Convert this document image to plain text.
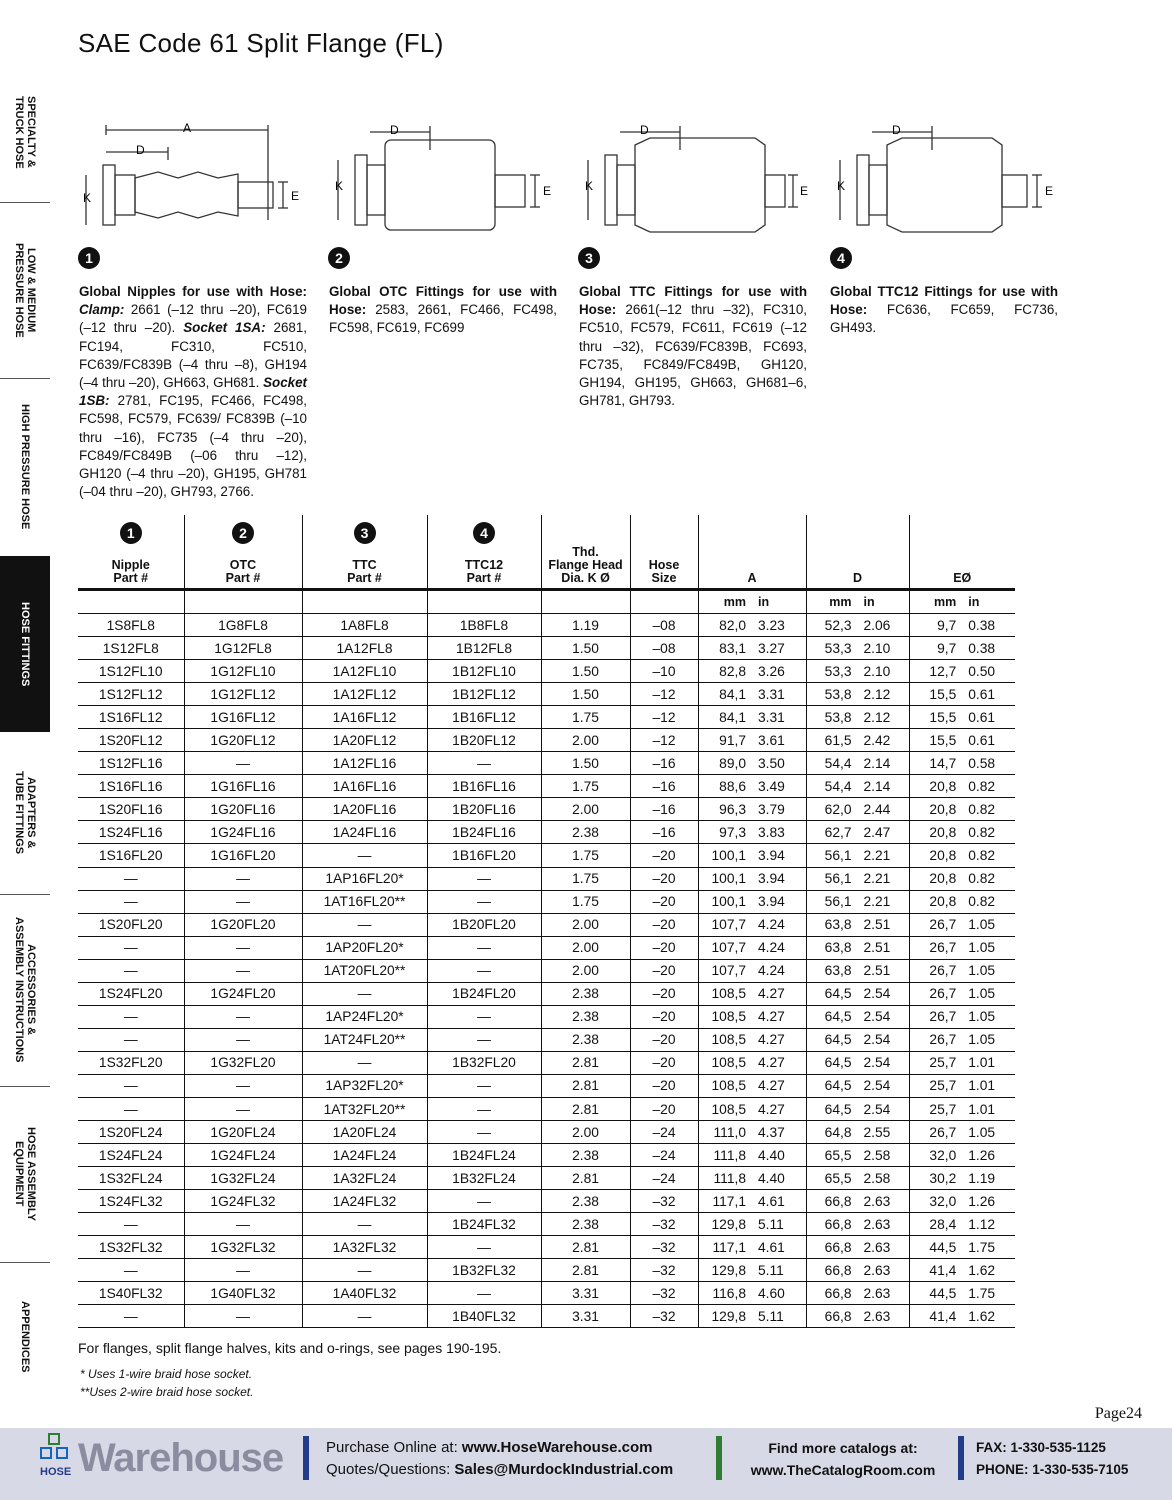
SAE Code 61 Split Flange (FL)
SPECIALTY &
TRUCK HOSE
LOW & MEDIUM
PRESSURE HOSE
HIGH PRESSURE HOSE
HOSE FITTINGS
ADAPTERS &
TUBE FITTINGS
ACCESSORIES &
ASSEMBLY INSTRUCTIONS
HOSE ASSEMBLY
EQUIPMENT
APPENDICES
A
D
K	E
D
K	E
D
K	E
D
K	E
1	2	3	4
Global Nipples for use with Hose: Clamp: 2661 (–12 thru –20), FC619 (–12 thru –20). Socket 1SA: 2681, FC194, FC310, FC510, FC639/FC839B (–4 thru –8), GH194 (–4 thru –20), GH663, GH681. Socket 1SB: 2781, FC195, FC466, FC498, FC598, FC579, FC639/ FC839B (–10 thru –16), FC735 (–4 thru –20), FC849/FC849B (–06 thru –12), GH120 (–4 thru –20), GH195, GH781 (–04 thru –20), GH793, 2766.
Global OTC Fittings for use with Hose: 2583, 2661, FC466, FC498, FC598, FC619, FC699
Global TTC Fittings for use with Hose: 2661(–12 thru –32), FC310, FC510, FC579, FC611, FC619 (–12 thru –32), FC639/FC839B, FC693, FC735, FC849/FC849B, GH120, GH194, GH195, GH663, GH681–6, GH781, GH793.
Global TTC12 Fittings for use with Hose: FC636, FC659, FC736, GH493.
1
Nipple
Part #	2
OTC
Part #	3
TTC
Part #	4
TTC12
Part #	Thd.
Flange Head
Dia. K Ø	Hose
Size	A	D	EØ
						mm in	mm in	mm in
1S8FL8	1G8FL8	1A8FL8	1B8FL8	1.19	–08	82,0 3.23	52,3 2.06	9,7 0.38
1S12FL8	1G12FL8	1A12FL8	1B12FL8	1.50	–08	83,1 3.27	53,3 2.10	9,7 0.38
1S12FL10	1G12FL10	1A12FL10	1B12FL10	1.50	–10	82,8 3.26	53,3 2.10	12,7 0.50
1S12FL12	1G12FL12	1A12FL12	1B12FL12	1.50	–12	84,1 3.31	53,8 2.12	15,5 0.61
1S16FL12	1G16FL12	1A16FL12	1B16FL12	1.75	–12	84,1 3.31	53,8 2.12	15,5 0.61
1S20FL12	1G20FL12	1A20FL12	1B20FL12	2.00	–12	91,7 3.61	61,5 2.42	15,5 0.61
1S12FL16	—	1A12FL16	—	1.50	–16	89,0 3.50	54,4 2.14	14,7 0.58
1S16FL16	1G16FL16	1A16FL16	1B16FL16	1.75	–16	88,6 3.49	54,4 2.14	20,8 0.82
1S20FL16	1G20FL16	1A20FL16	1B20FL16	2.00	–16	96,3 3.79	62,0 2.44	20,8 0.82
1S24FL16	1G24FL16	1A24FL16	1B24FL16	2.38	–16	97,3 3.83	62,7 2.47	20,8 0.82
1S16FL20	1G16FL20	—	1B16FL20	1.75	–20	100,1 3.94	56,1 2.21	20,8 0.82
—	—	1AP16FL20*	—	1.75	–20	100,1 3.94	56,1 2.21	20,8 0.82
—	—	1AT16FL20**	—	1.75	–20	100,1 3.94	56,1 2.21	20,8 0.82
1S20FL20	1G20FL20	—	1B20FL20	2.00	–20	107,7 4.24	63,8 2.51	26,7 1.05
—	—	1AP20FL20*	—	2.00	–20	107,7 4.24	63,8 2.51	26,7 1.05
—	—	1AT20FL20**	—	2.00	–20	107,7 4.24	63,8 2.51	26,7 1.05
1S24FL20	1G24FL20	—	1B24FL20	2.38	–20	108,5 4.27	64,5 2.54	26,7 1.05
—	—	1AP24FL20*	—	2.38	–20	108,5 4.27	64,5 2.54	26,7 1.05
—	—	1AT24FL20**	—	2.38	–20	108,5 4.27	64,5 2.54	26,7 1.05
1S32FL20	1G32FL20	—	1B32FL20	2.81	–20	108,5 4.27	64,5 2.54	25,7 1.01
—	—	1AP32FL20*	—	2.81	–20	108,5 4.27	64,5 2.54	25,7 1.01
—	—	1AT32FL20**	—	2.81	–20	108,5 4.27	64,5 2.54	25,7 1.01
1S20FL24	1G20FL24	1A20FL24	—	2.00	–24	111,0 4.37	64,8 2.55	26,7 1.05
1S24FL24	1G24FL24	1A24FL24	1B24FL24	2.38	–24	111,8 4.40	65,5 2.58	32,0 1.26
1S32FL24	1G32FL24	1A32FL24	1B32FL24	2.81	–24	111,8 4.40	65,5 2.58	30,2 1.19
1S24FL32	1G24FL32	1A24FL32	—	2.38	–32	117,1 4.61	66,8 2.63	32,0 1.26
—	—	—	1B24FL32	2.38	–32	129,8 5.11	66,8 2.63	28,4 1.12
1S32FL32	1G32FL32	1A32FL32	—	2.81	–32	117,1 4.61	66,8 2.63	44,5 1.75
—	—	—	1B32FL32	2.81	–32	129,8 5.11	66,8 2.63	41,4 1.62
1S40FL32	1G40FL32	1A40FL32	—	3.31	–32	116,8 4.60	66,8 2.63	44,5 1.75
—	—	—	1B40FL32	3.31	–32	129,8 5.11	66,8 2.63	41,4 1.62
For flanges, split flange halves, kits and o-rings, see pages 190-195.
* Uses 1-wire braid hose socket.
**Uses 2-wire braid hose socket.
Page24
HOSE Warehouse	Purchase Online at: www.HoseWarehouse.com
Quotes/Questions: Sales@MurdockIndustrial.com
Find more catalogs at:
www.TheCatalogRoom.com
FAX: 1-330-535-1125
PHONE: 1-330-535-7105
